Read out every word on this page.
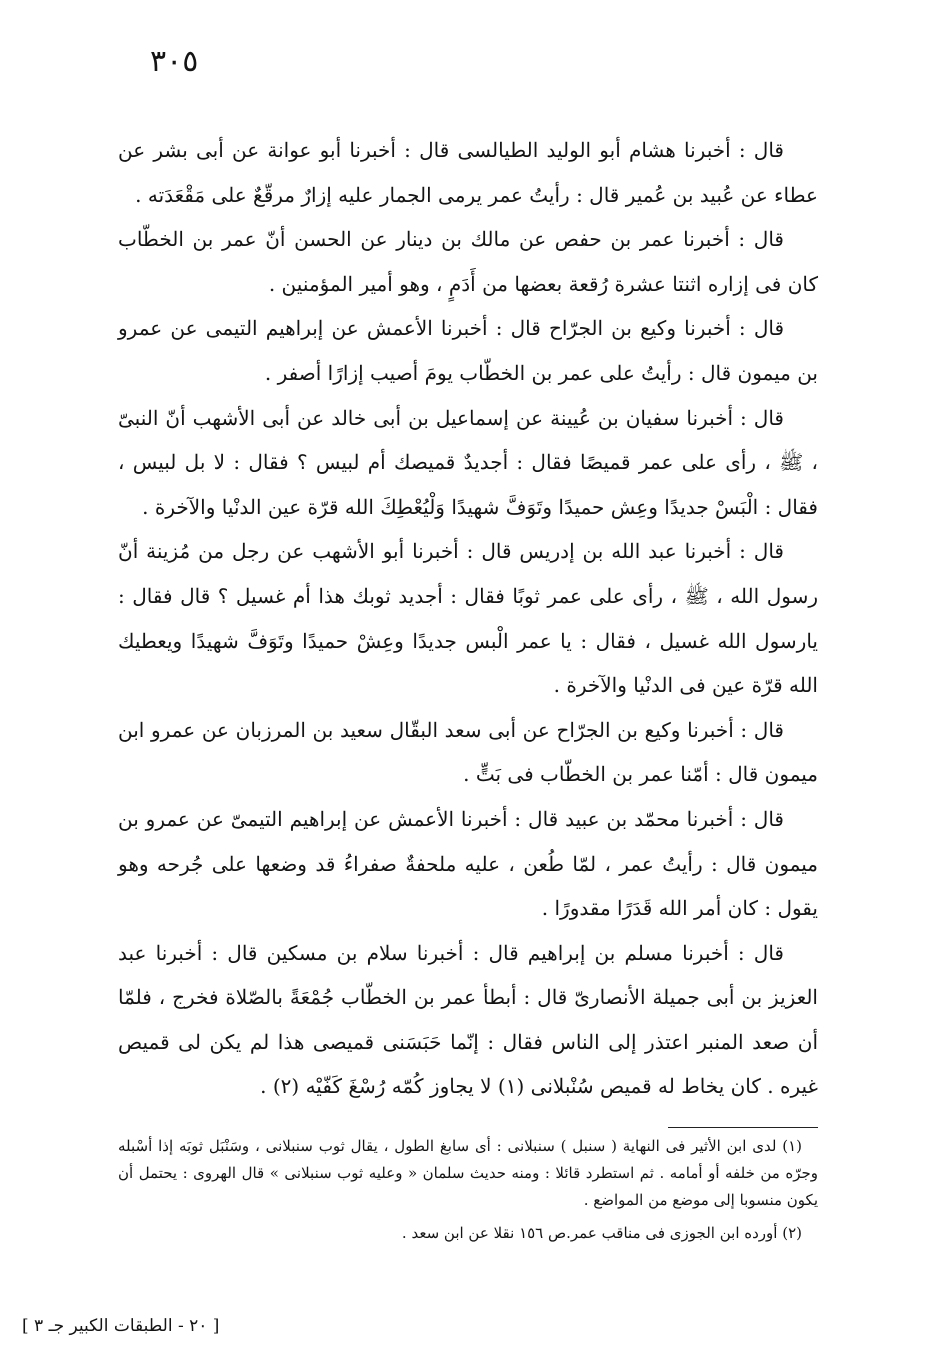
٣٠٥

قال : أخبرنا هشام أبو الوليد الطيالسى قال : أخبرنا أبو عوانة عن أبى بشر عن عطاء عن عُبيد بن عُمير قال : رأيتُ عمر يرمى الجمار عليه إزارٌ مرقّعٌ على مَقْعَدَته .

قال : أخبرنا عمر بن حفص عن مالك بن دينار عن الحسن أنّ عمر بن الخطّاب كان فى إزاره اثنتا عشرة رُقعة بعضها من أَدَمٍ ، وهو أمير المؤمنين .

قال : أخبرنا وكيع بن الجرّاح قال : أخبرنا الأعمش عن إبراهيم التيمى عن عمرو بن ميمون قال : رأيتُ على عمر بن الخطّاب يومَ أصيب إزارًا أصفر .

قال : أخبرنا سفيان بن عُيينة عن إسماعيل بن أبى خالد عن أبى الأشهب أنّ النبىّ ، ﷺ ، رأى على عمر قميصًا فقال : أجديدٌ قميصك أم لبيس ؟ فقال : لا بل لبيس ، فقال : الْبَسْ جديدًا وعِش حميدًا وتَوَفَّ شهيدًا وَلْيُعْطِكَ الله قرّة عين الدنْيا والآخرة .

قال : أخبرنا عبد الله بن إدريس قال : أخبرنا أبو الأشهب عن رجل من مُزينة أنّ رسول الله ، ﷺ ، رأى على عمر ثوبًا فقال : أجديد ثوبك هذا أم غسيل ؟ قال فقال : يارسول الله غسيل ، فقال : يا عمر الْبس جديدًا وعِشْ حميدًا وتَوَفَّ شهيدًا ويعطيك الله قرّة عين فى الدنْيا والآخرة .

قال : أخبرنا وكيع بن الجرّاح عن أبى سعد البقّال سعيد بن المرزبان عن عمرو ابن ميمون قال : أمّنا عمر بن الخطّاب فى بَتٍّ .

قال : أخبرنا محمّد بن عبيد قال : أخبرنا الأعمش عن إبراهيم التيمىّ عن عمرو بن ميمون قال : رأيتُ عمر ، لمّا طُعن ، عليه ملحفةٌ صفراءُ قد وضعها على جُرحه وهو يقول : كان أمر الله قَدَرًا مقدورًا .

قال : أخبرنا مسلم بن إبراهيم قال : أخبرنا سلام بن مسكين قال : أخبرنا عبد العزيز بن أبى جميلة الأنصارىّ قال : أبطأ عمر بن الخطّاب جُمْعَةً بالصّلاة فخرج ، فلمّا أن صعد المنبر اعتذر إلى الناس فقال : إنّما حَبَسَنى قميصى هذا لم يكن لى قميص غيره . كان يخاط له قميص سُنْبلانى (١) لا يجاوز كُمّه رُسْغَ كَفّيْه (٢) .

(١) لدى ابن الأثير فى النهاية ( سنبل ) سنبلانى : أى سابغ الطول ، يقال ثوب سنبلانى ، وسَنْبَل ثوبَه إذا أسْبله وجرّه من خلفه أو أمامه . ثم استطرد قائلا : ومنه حديث سلمان « وعليه ثوب سنبلانى » قال الهروى : يحتمل أن يكون منسوبا إلى موضع من المواضع .

(٢) أورده ابن الجوزى فى مناقب عمر.ص ١٥٦ نقلا عن ابن سعد .

[ ٢٠ - الطبقات الكبير جـ ٣ ]
